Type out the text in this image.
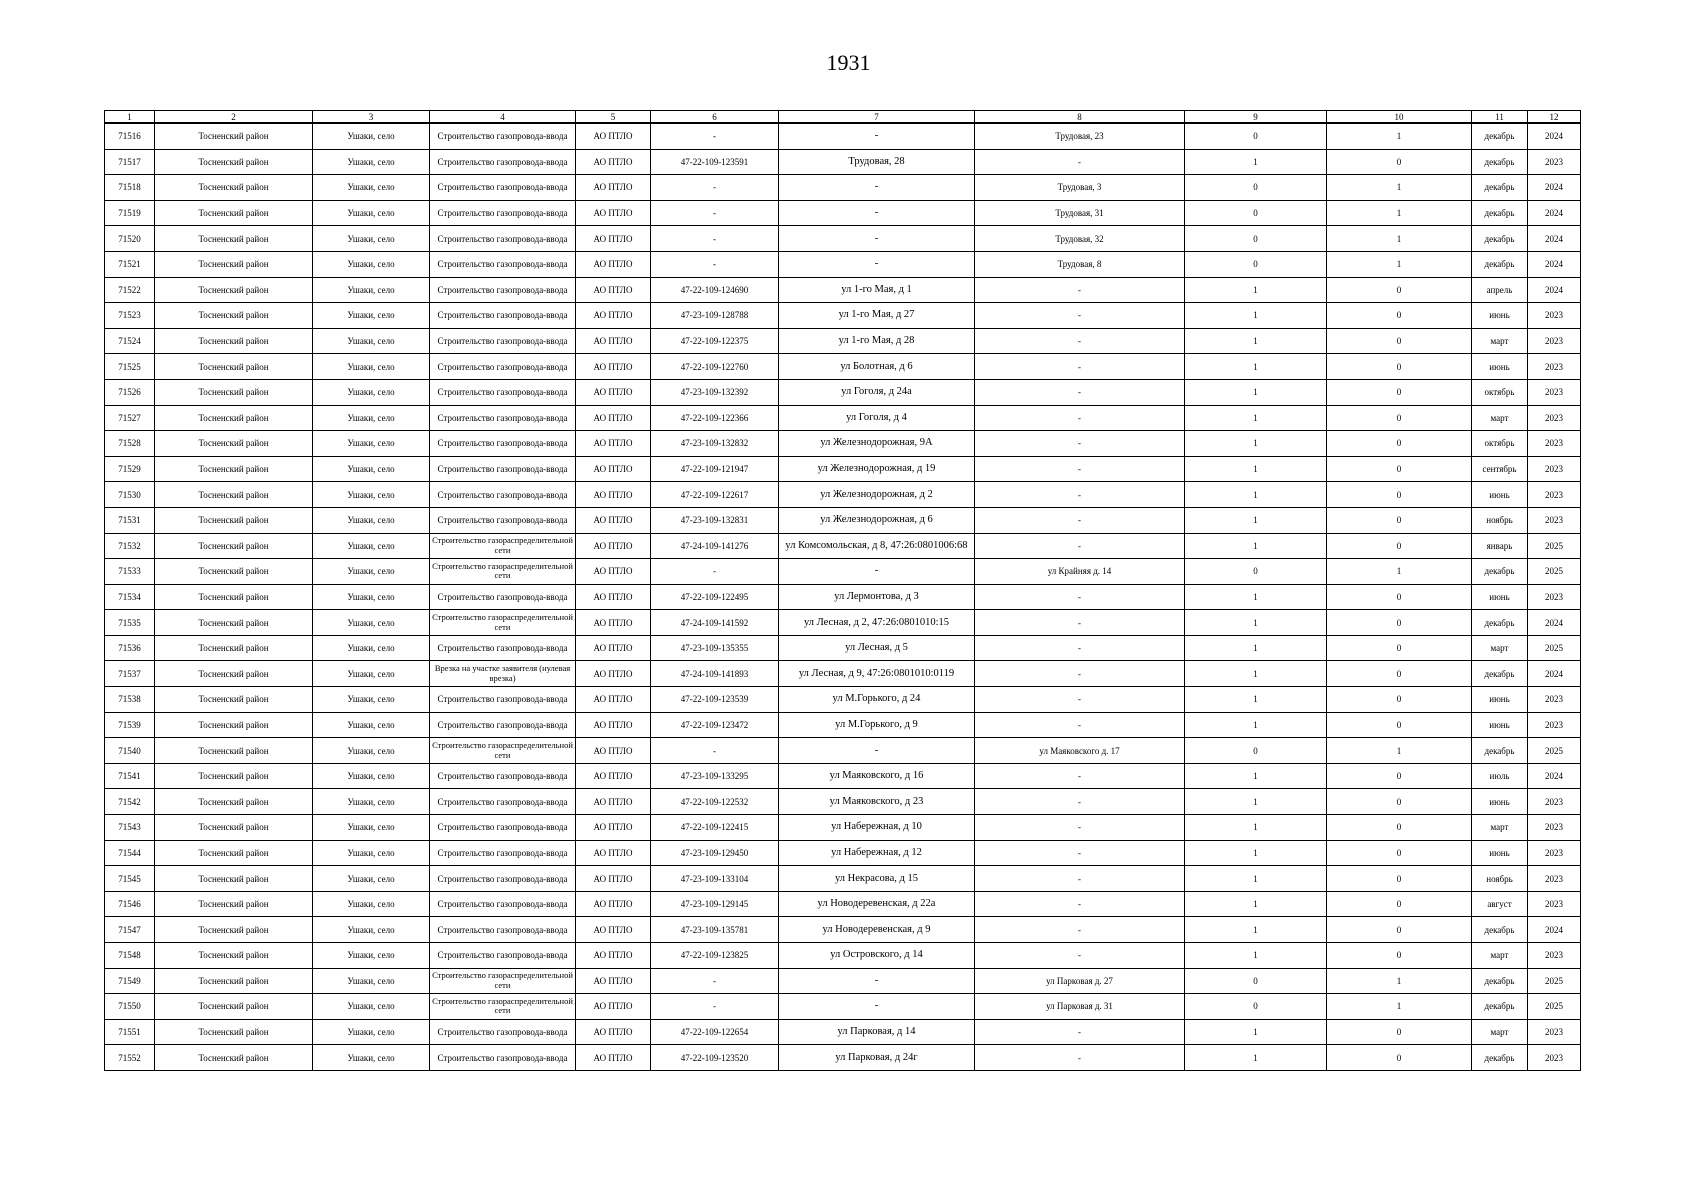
1931
1	2	3	4	5	6	7	8	9	10	11	12
71516	Тосненский район	Ушаки, село	Строительство газопровода-ввода	АО ПТЛО	-	-	Трудовая, 23	0	1	декабрь	2024
71517	Тосненский район	Ушаки, село	Строительство газопровода-ввода	АО ПТЛО	47-22-109-123591	Трудовая, 28	-	1	0	декабрь	2023
71518	Тосненский район	Ушаки, село	Строительство газопровода-ввода	АО ПТЛО	-	-	Трудовая, 3	0	1	декабрь	2024
71519	Тосненский район	Ушаки, село	Строительство газопровода-ввода	АО ПТЛО	-	-	Трудовая, 31	0	1	декабрь	2024
71520	Тосненский район	Ушаки, село	Строительство газопровода-ввода	АО ПТЛО	-	-	Трудовая, 32	0	1	декабрь	2024
71521	Тосненский район	Ушаки, село	Строительство газопровода-ввода	АО ПТЛО	-	-	Трудовая, 8	0	1	декабрь	2024
71522	Тосненский район	Ушаки, село	Строительство газопровода-ввода	АО ПТЛО	47-22-109-124690	ул 1-го Мая, д 1	-	1	0	апрель	2024
71523	Тосненский район	Ушаки, село	Строительство газопровода-ввода	АО ПТЛО	47-23-109-128788	ул 1-го Мая, д 27	-	1	0	июнь	2023
71524	Тосненский район	Ушаки, село	Строительство газопровода-ввода	АО ПТЛО	47-22-109-122375	ул 1-го Мая, д 28	-	1	0	март	2023
71525	Тосненский район	Ушаки, село	Строительство газопровода-ввода	АО ПТЛО	47-22-109-122760	ул Болотная, д 6	-	1	0	июнь	2023
71526	Тосненский район	Ушаки, село	Строительство газопровода-ввода	АО ПТЛО	47-23-109-132392	ул Гоголя, д 24а	-	1	0	октябрь	2023
71527	Тосненский район	Ушаки, село	Строительство газопровода-ввода	АО ПТЛО	47-22-109-122366	ул Гоголя, д 4	-	1	0	март	2023
71528	Тосненский район	Ушаки, село	Строительство газопровода-ввода	АО ПТЛО	47-23-109-132832	ул Железнодорожная, 9А	-	1	0	октябрь	2023
71529	Тосненский район	Ушаки, село	Строительство газопровода-ввода	АО ПТЛО	47-22-109-121947	ул Железнодорожная, д 19	-	1	0	сентябрь	2023
71530	Тосненский район	Ушаки, село	Строительство газопровода-ввода	АО ПТЛО	47-22-109-122617	ул Железнодорожная, д 2	-	1	0	июнь	2023
71531	Тосненский район	Ушаки, село	Строительство газопровода-ввода	АО ПТЛО	47-23-109-132831	ул Железнодорожная, д 6	-	1	0	ноябрь	2023
71532	Тосненский район	Ушаки, село	Строительство газораспределительной сети	АО ПТЛО	47-24-109-141276	ул Комсомольская, д 8, 47:26:0801006:68	-	1	0	январь	2025
71533	Тосненский район	Ушаки, село	Строительство газораспределительной сети	АО ПТЛО	-	-	ул Крайняя д. 14	0	1	декабрь	2025
71534	Тосненский район	Ушаки, село	Строительство газопровода-ввода	АО ПТЛО	47-22-109-122495	ул Лермонтова, д 3	-	1	0	июнь	2023
71535	Тосненский район	Ушаки, село	Строительство газораспределительной сети	АО ПТЛО	47-24-109-141592	ул Лесная, д 2, 47:26:0801010:15	-	1	0	декабрь	2024
71536	Тосненский район	Ушаки, село	Строительство газопровода-ввода	АО ПТЛО	47-23-109-135355	ул Лесная, д 5	-	1	0	март	2025
71537	Тосненский район	Ушаки, село	Врезка на участке заявителя (нулевая врезка)	АО ПТЛО	47-24-109-141893	ул Лесная, д 9, 47:26:0801010:0119	-	1	0	декабрь	2024
71538	Тосненский район	Ушаки, село	Строительство газопровода-ввода	АО ПТЛО	47-22-109-123539	ул М.Горького, д 24	-	1	0	июнь	2023
71539	Тосненский район	Ушаки, село	Строительство газопровода-ввода	АО ПТЛО	47-22-109-123472	ул М.Горького, д 9	-	1	0	июнь	2023
71540	Тосненский район	Ушаки, село	Строительство газораспределительной сети	АО ПТЛО	-	-	ул Маяковского д. 17	0	1	декабрь	2025
71541	Тосненский район	Ушаки, село	Строительство газопровода-ввода	АО ПТЛО	47-23-109-133295	ул Маяковского, д 16	-	1	0	июль	2024
71542	Тосненский район	Ушаки, село	Строительство газопровода-ввода	АО ПТЛО	47-22-109-122532	ул Маяковского, д 23	-	1	0	июнь	2023
71543	Тосненский район	Ушаки, село	Строительство газопровода-ввода	АО ПТЛО	47-22-109-122415	ул Набережная, д 10	-	1	0	март	2023
71544	Тосненский район	Ушаки, село	Строительство газопровода-ввода	АО ПТЛО	47-23-109-129450	ул Набережная, д 12	-	1	0	июнь	2023
71545	Тосненский район	Ушаки, село	Строительство газопровода-ввода	АО ПТЛО	47-23-109-133104	ул Некрасова, д 15	-	1	0	ноябрь	2023
71546	Тосненский район	Ушаки, село	Строительство газопровода-ввода	АО ПТЛО	47-23-109-129145	ул Новодеревенская, д 22а	-	1	0	август	2023
71547	Тосненский район	Ушаки, село	Строительство газопровода-ввода	АО ПТЛО	47-23-109-135781	ул Новодеревенская, д 9	-	1	0	декабрь	2024
71548	Тосненский район	Ушаки, село	Строительство газопровода-ввода	АО ПТЛО	47-22-109-123825	ул Островского, д 14	-	1	0	март	2023
71549	Тосненский район	Ушаки, село	Строительство газораспределительной сети	АО ПТЛО	-	-	ул Парковая д. 27	0	1	декабрь	2025
71550	Тосненский район	Ушаки, село	Строительство газораспределительной сети	АО ПТЛО	-	-	ул Парковая д. 31	0	1	декабрь	2025
71551	Тосненский район	Ушаки, село	Строительство газопровода-ввода	АО ПТЛО	47-22-109-122654	ул Парковая, д 14	-	1	0	март	2023
71552	Тосненский район	Ушаки, село	Строительство газопровода-ввода	АО ПТЛО	47-22-109-123520	ул Парковая, д 24г	-	1	0	декабрь	2023
